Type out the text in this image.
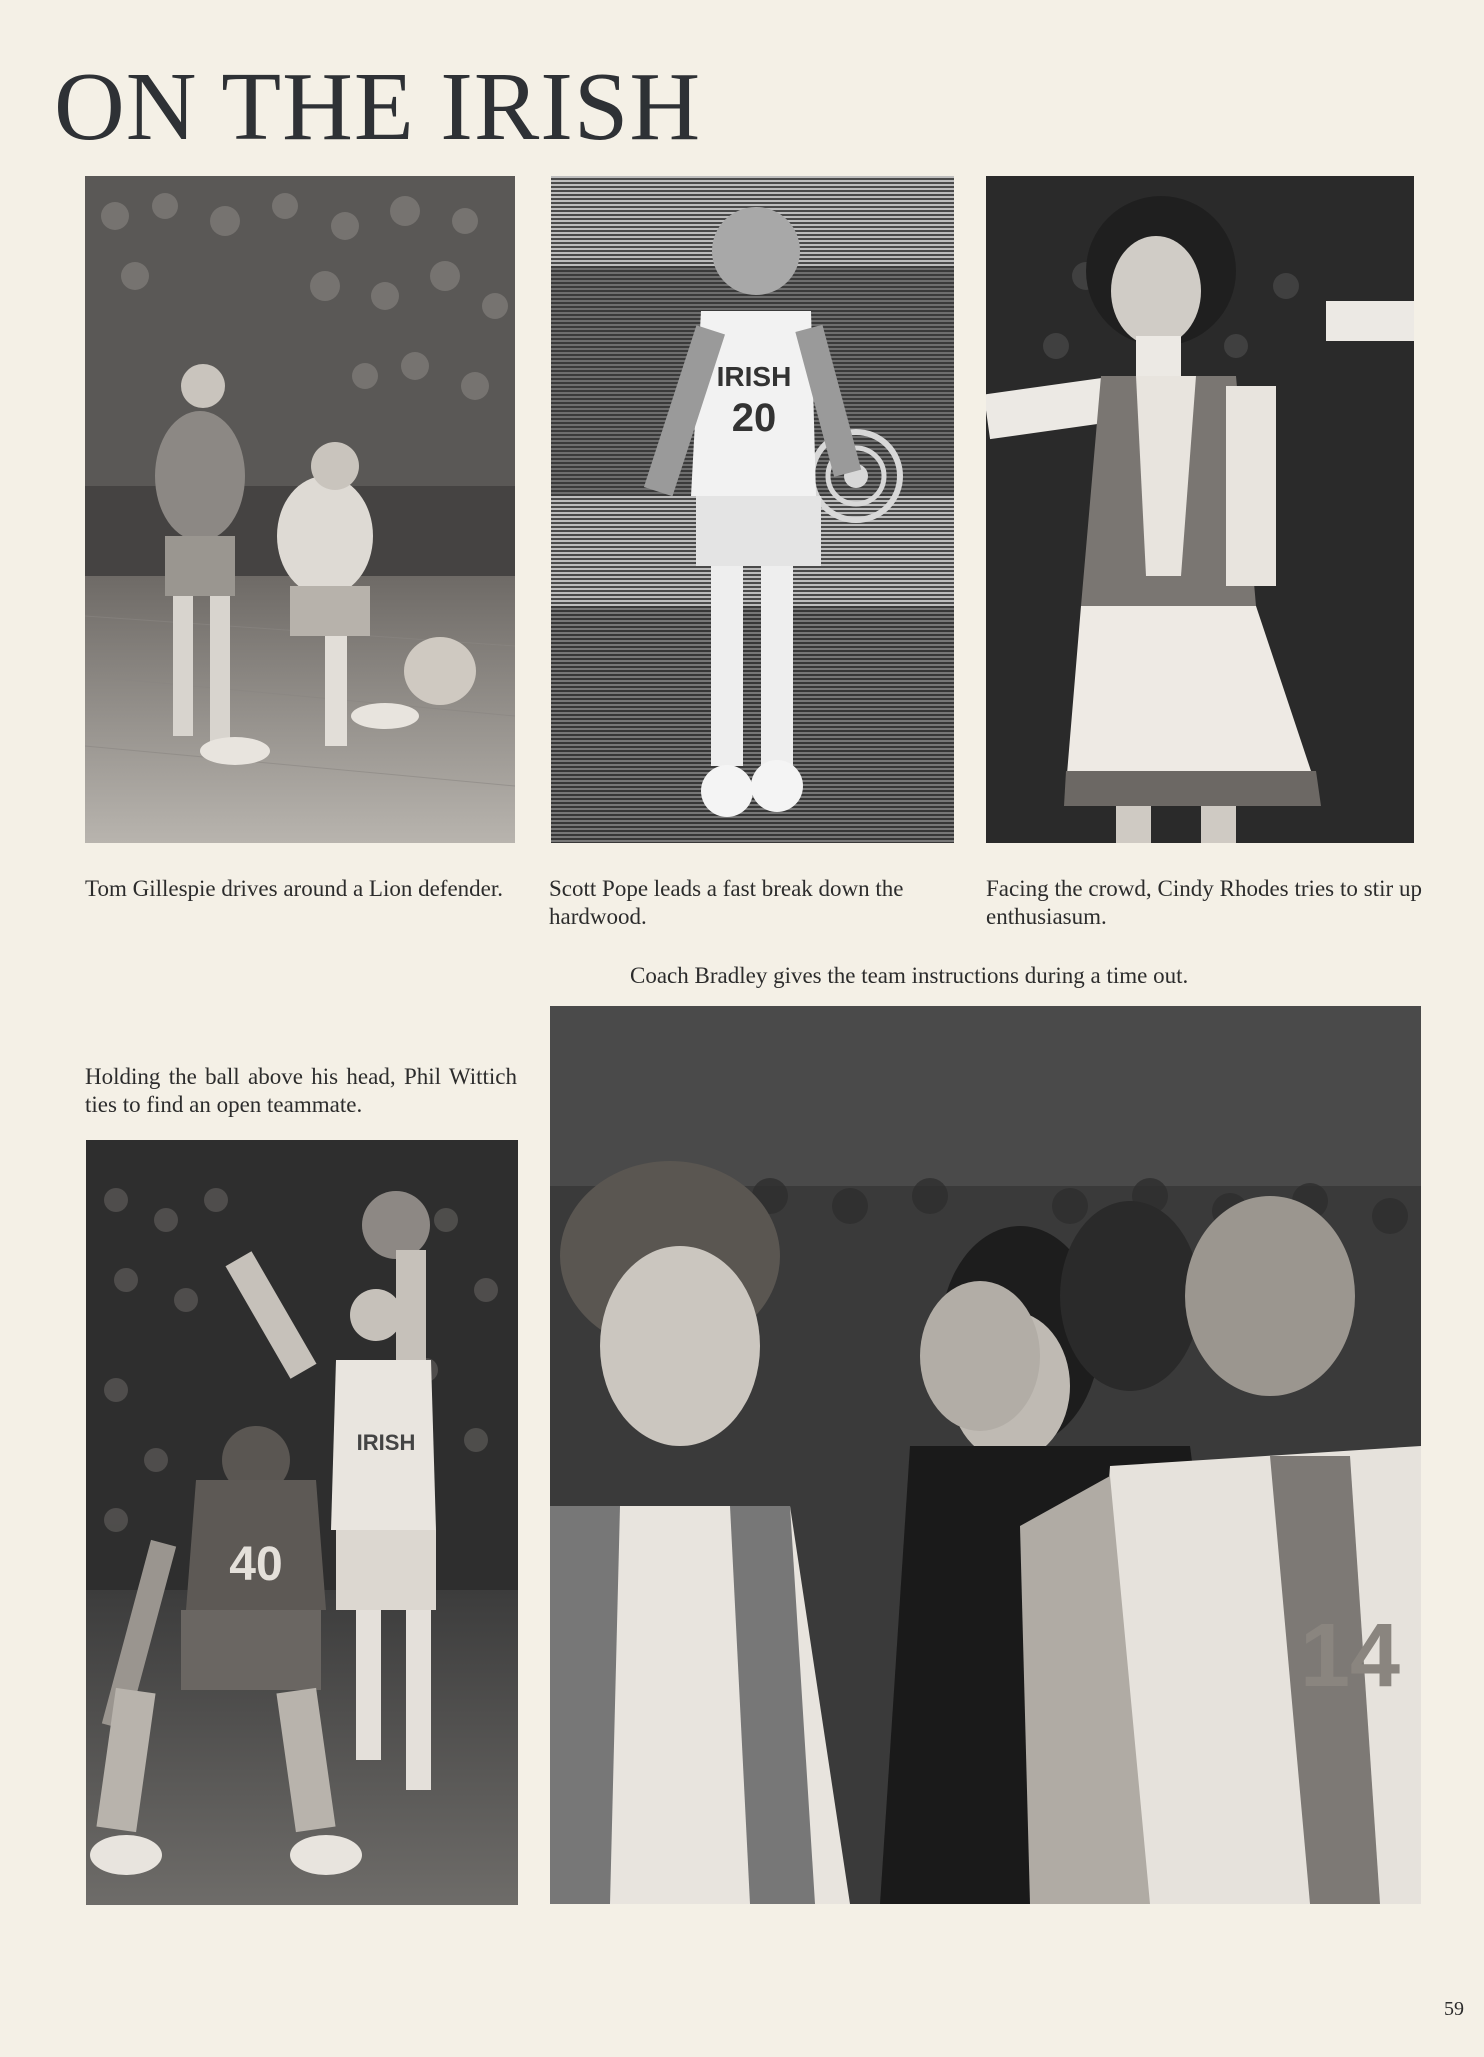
ON THE IRISH
IRISH
20

Tom Gillespie drives around a Lion defender.	Scott Pope leads a fast break down the hardwood.

Facing the crowd, Cindy Rhodes tries to stir up enthusiasum.

Coach Bradley gives the team instructions during a time out.

Holding the ball above his head, Phil Wittich ties to find an open teammate.

IRISH
40
14
59
